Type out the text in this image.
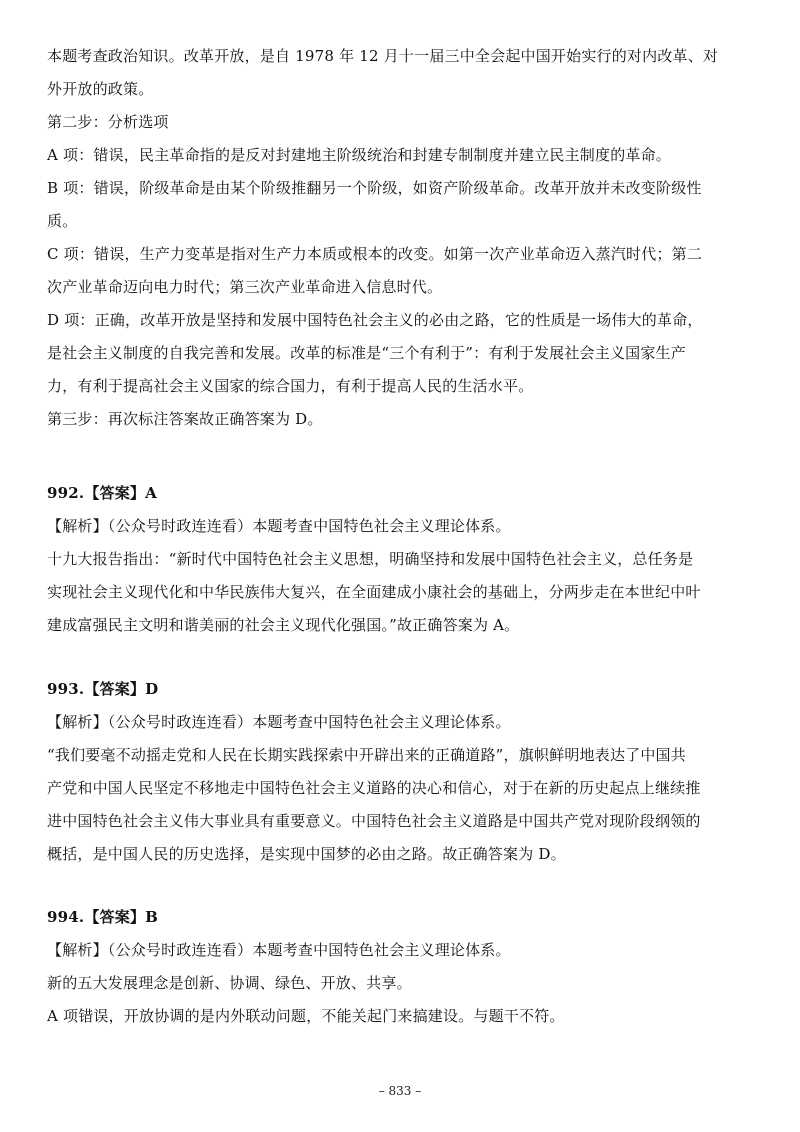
本题考查政治知识。改革开放，是自 1978 年 12 月十一届三中全会起中国开始实行的对内改革、对
外开放的政策。
第二步：分析选项
A 项：错误，民主革命指的是反对封建地主阶级统治和封建专制制度并建立民主制度的革命。
B 项：错误，阶级革命是由某个阶级推翻另一个阶级，如资产阶级革命。改革开放并未改变阶级性
质。
C 项：错误，生产力变革是指对生产力本质或根本的改变。如第一次产业革命迈入蒸汽时代；第二
次产业革命迈向电力时代；第三次产业革命进入信息时代。
D 项：正确，改革开放是坚持和发展中国特色社会主义的必由之路，它的性质是一场伟大的革命，
是社会主义制度的自我完善和发展。改革的标准是“三个有利于”：有利于发展社会主义国家生产
力，有利于提高社会主义国家的综合国力，有利于提高人民的生活水平。
第三步：再次标注答案故正确答案为 D。
992.【答案】A
【解析】（公众号时政连连看）本题考查中国特色社会主义理论体系。
十九大报告指出：“新时代中国特色社会主义思想，明确坚持和发展中国特色社会主义，总任务是
实现社会主义现代化和中华民族伟大复兴，在全面建成小康社会的基础上，分两步走在本世纪中叶
建成富强民主文明和谐美丽的社会主义现代化强国。”故正确答案为 A。
993.【答案】D
【解析】（公众号时政连连看）本题考查中国特色社会主义理论体系。
“我们要毫不动摇走党和人民在长期实践探索中开辟出来的正确道路”，旗帜鲜明地表达了中国共
产党和中国人民坚定不移地走中国特色社会主义道路的决心和信心，对于在新的历史起点上继续推
进中国特色社会主义伟大事业具有重要意义。中国特色社会主义道路是中国共产党对现阶段纲领的
概括，是中国人民的历史选择，是实现中国梦的必由之路。故正确答案为 D。
994.【答案】B
【解析】（公众号时政连连看）本题考查中国特色社会主义理论体系。
新的五大发展理念是创新、协调、绿色、开放、共享。
A 项错误，开放协调的是内外联动问题，不能关起门来搞建设。与题干不符。
– 833 –
